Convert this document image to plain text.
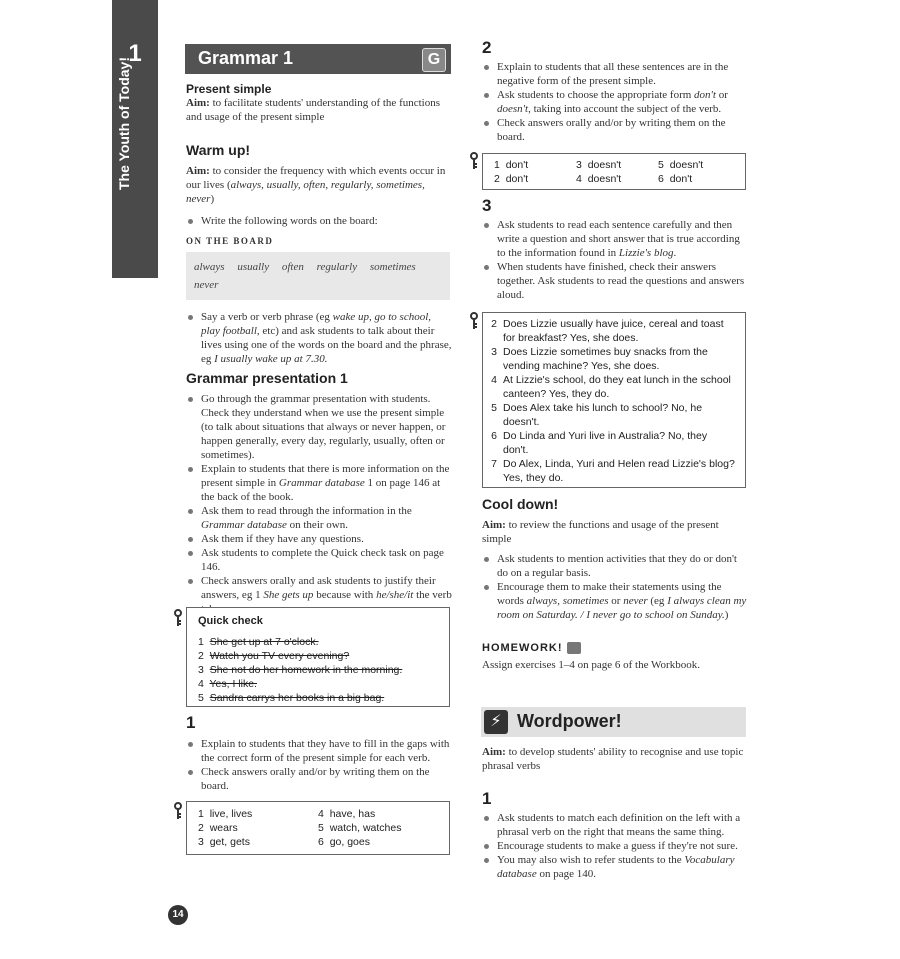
1
The Youth of Today!	Grammar 1	G
Present simple

Aim: to facilitate students' understanding of the functions and usage of the present simple

Warm up!

Aim: to consider the frequency with which events occur in our lives (always, usually, often, regularly, sometimes, never)

Write the following words on the board:
ON THE BOARD
always usually often regularly sometimes never
Say a verb or verb phrase (eg wake up, go to school, play football, etc) and ask students to talk about their lives using one of the words on the board and the phrase, eg I usually wake up at 7.30.
Grammar presentation 1
Go through the grammar presentation with students. Check they understand when we use the present simple (to talk about situations that always or never happen, or happen generally, every day, regularly, usually, often or sometimes).
Explain to students that there is more information on the present simple in Grammar database 1 on page 146 at the back of the book.
Ask them to read through the information in the Grammar database on their own.
Ask them if they have any questions.
Ask students to complete the Quick check task on page 146.
Check answers orally and ask students to justify their answers, eg 1 She gets up because with he/she/it the verb
Quick check
1 She get up at 7 o'clock.
2 Watch you TV every evening?
3 She not do her homework in the morning.
4 Yes, I like.
5 Sandra carrys her books in a big bag.
1
Explain to students that they have to fill in the gaps with the correct form of the present simple for each verb.
Check answers orally and/or by writing them on the board.
1 live, lives	4 have, has
2 wears	5 watch, watches
3 get, gets	6 go, goes
2
Explain to students that all these sentences are in the negative form of the present simple.
Ask students to choose the appropriate form don't or doesn't, taking into account the subject of the verb.
Check answers orally and/or by writing them on the board.
1 don't	3 doesn't	5 doesn't
2 don't	4 doesn't	6 don't
3
Ask students to read each sentence carefully and then write a question and short answer that is true according to the information found in Lizzie's blog.
When students have finished, check their answers together. Ask students to read the questions and answers aloud.
2 Does Lizzie usually have juice, cereal and toast for breakfast? Yes, she does.
3 Does Lizzie sometimes buy snacks from the vending machine? Yes, she does.
4 At Lizzie's school, do they eat lunch in the school canteen? Yes, they do.
5 Does Alex take his lunch to school? No, he doesn't.
6 Do Linda and Yuri live in Australia? No, they don't.
7 Do Alex, Linda, Yuri and Helen read Lizzie's blog? Yes, they do.
Cool down!

Aim: to review the functions and usage of the present simple

Ask students to mention activities that they do or don't do on a regular basis.
Encourage them to make their statements using the words always, sometimes or never (eg I always clean my room on Saturday. / I never go to school on Sunday.)
HOMEWORK!

Assign exercises 1–4 on page 6 of the Workbook.

⚡ Wordpower!

Aim: to develop students' ability to recognise and use topic phrasal verbs

1
Ask students to match each definition on the left with a phrasal verb on the right that means the same thing.
Encourage students to make a guess if they're not sure.
You may also wish to refer students to the Vocabulary database on page 140.
14
